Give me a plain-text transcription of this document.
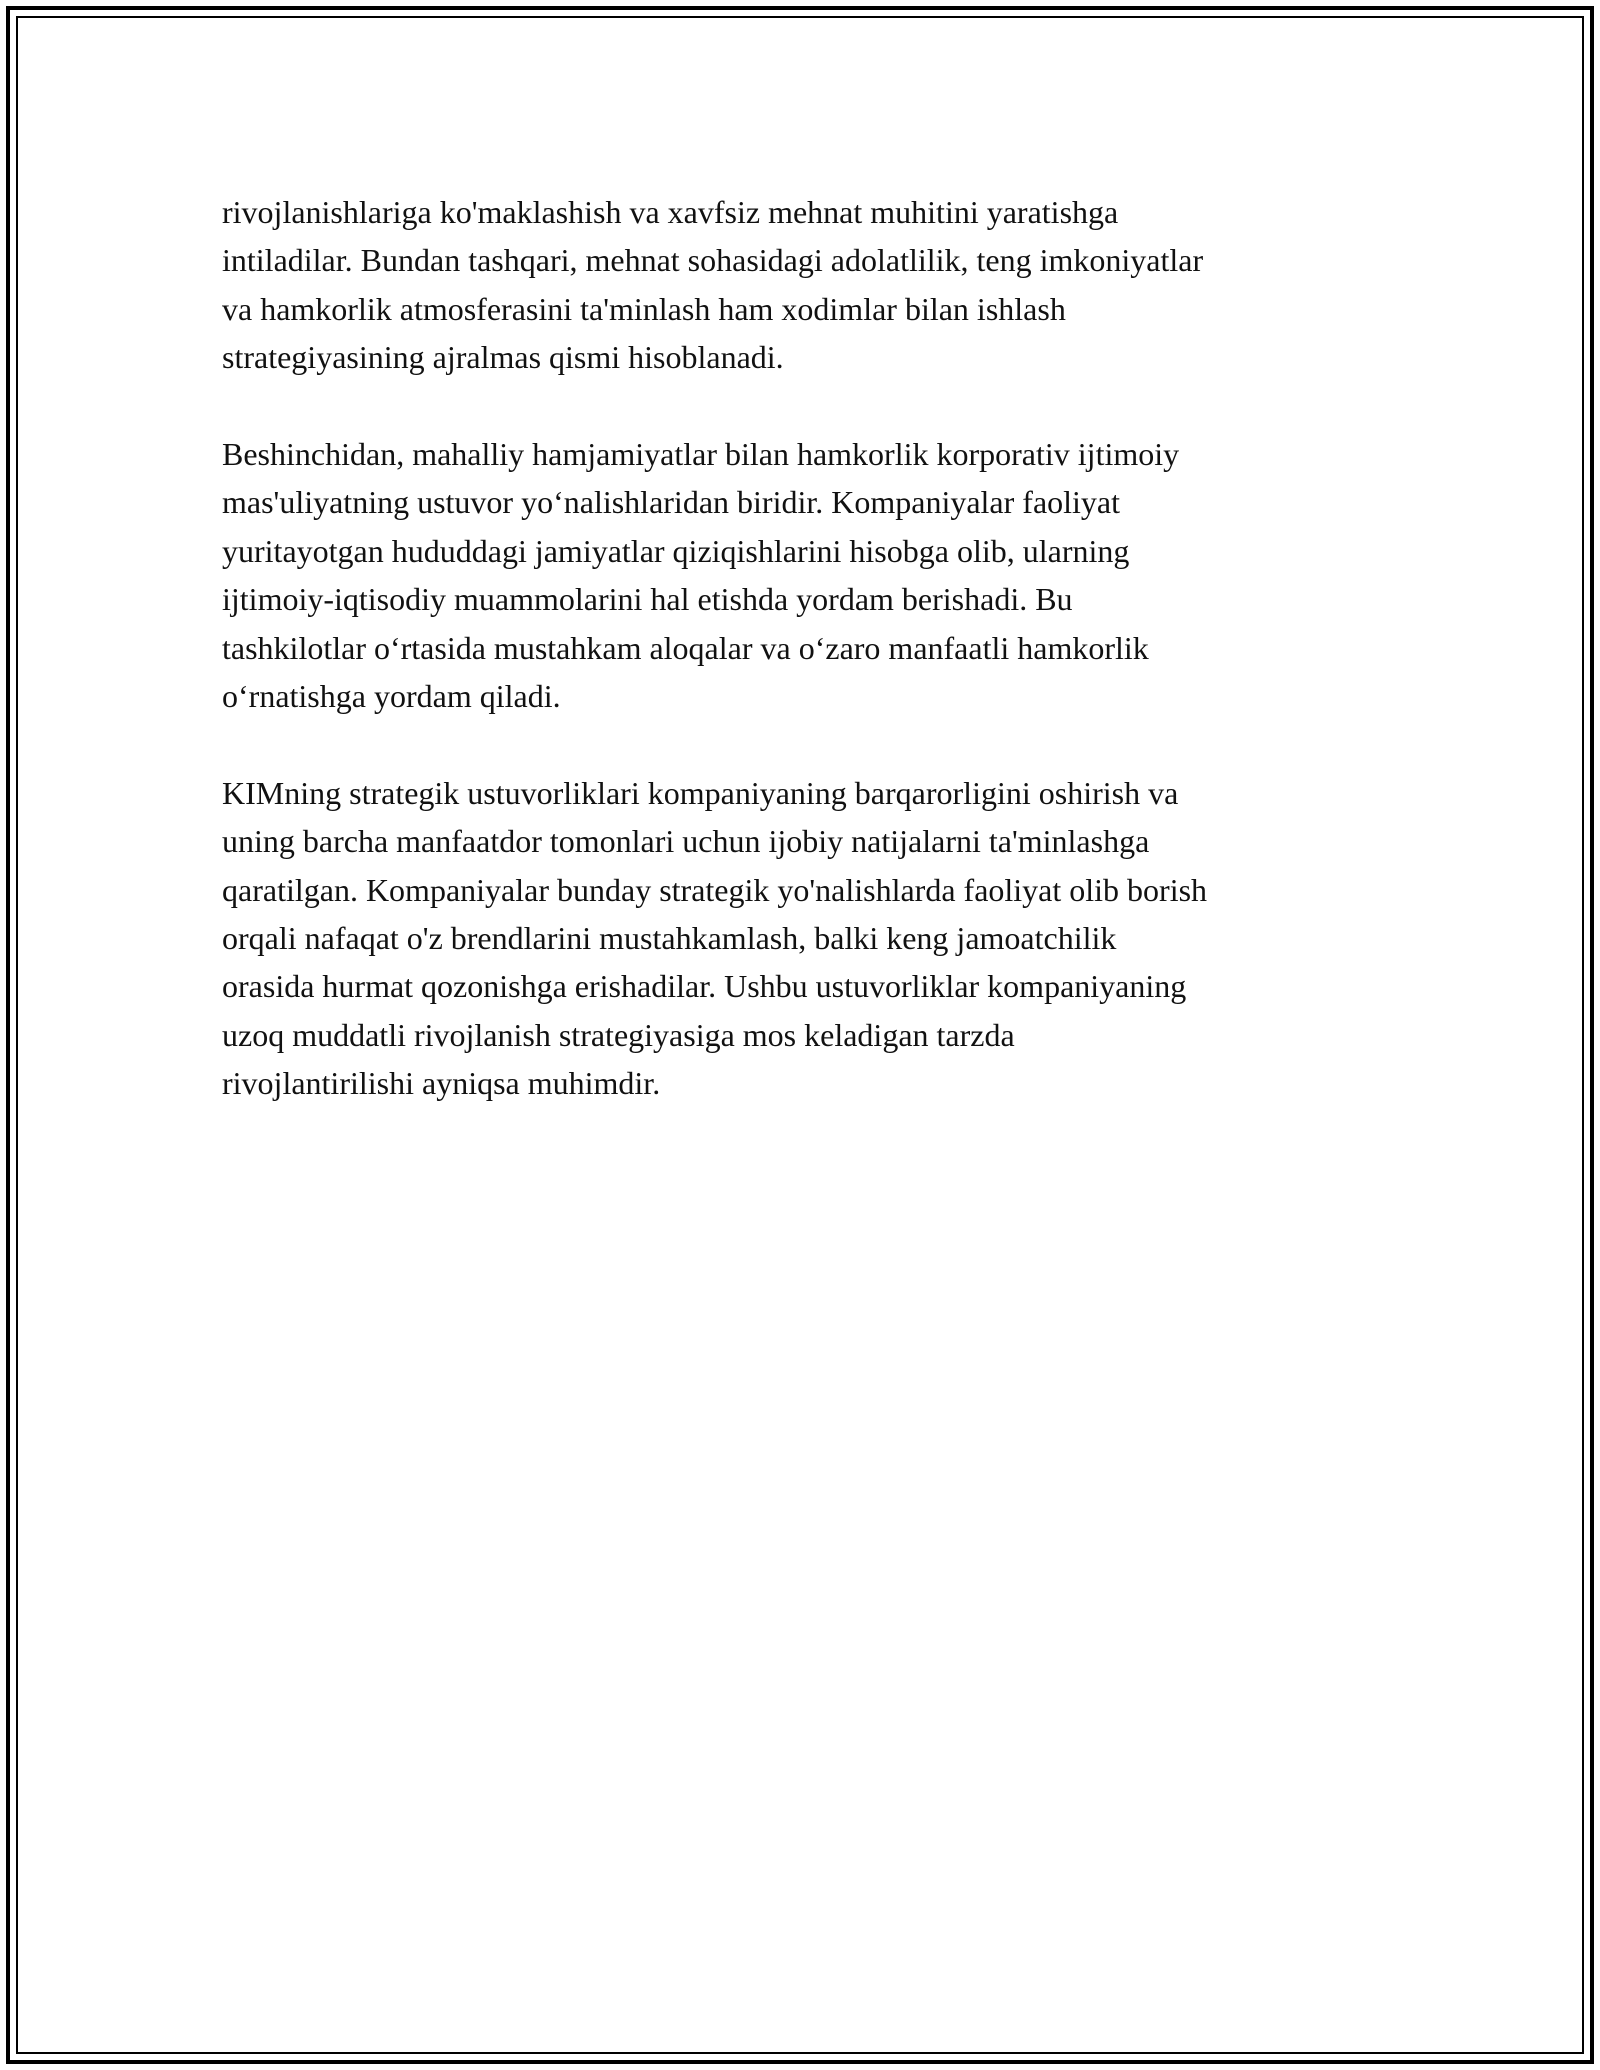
rivojlanishlariga ko'maklashish va xavfsiz mehnat muhitini yaratishga
intiladilar. Bundan tashqari, mehnat sohasidagi adolatlilik, teng imkoniyatlar
va hamkorlik atmosferasini ta'minlash ham xodimlar bilan ishlash
strategiyasining ajralmas qismi hisoblanadi.

Beshinchidan, mahalliy hamjamiyatlar bilan hamkorlik korporativ ijtimoiy
mas'uliyatning ustuvor yo‘nalishlaridan biridir. Kompaniyalar faoliyat
yuritayotgan hududdagi jamiyatlar qiziqishlarini hisobga olib, ularning
ijtimoiy-iqtisodiy muammolarini hal etishda yordam berishadi. Bu
tashkilotlar o‘rtasida mustahkam aloqalar va o‘zaro manfaatli hamkorlik
o‘rnatishga yordam qiladi.

KIMning strategik ustuvorliklari kompaniyaning barqarorligini oshirish va
uning barcha manfaatdor tomonlari uchun ijobiy natijalarni ta'minlashga
qaratilgan. Kompaniyalar bunday strategik yo'nalishlarda faoliyat olib borish
orqali nafaqat o'z brendlarini mustahkamlash, balki keng jamoatchilik
orasida hurmat qozonishga erishadilar. Ushbu ustuvorliklar kompaniyaning
uzoq muddatli rivojlanish strategiyasiga mos keladigan tarzda
rivojlantirilishi ayniqsa muhimdir.
